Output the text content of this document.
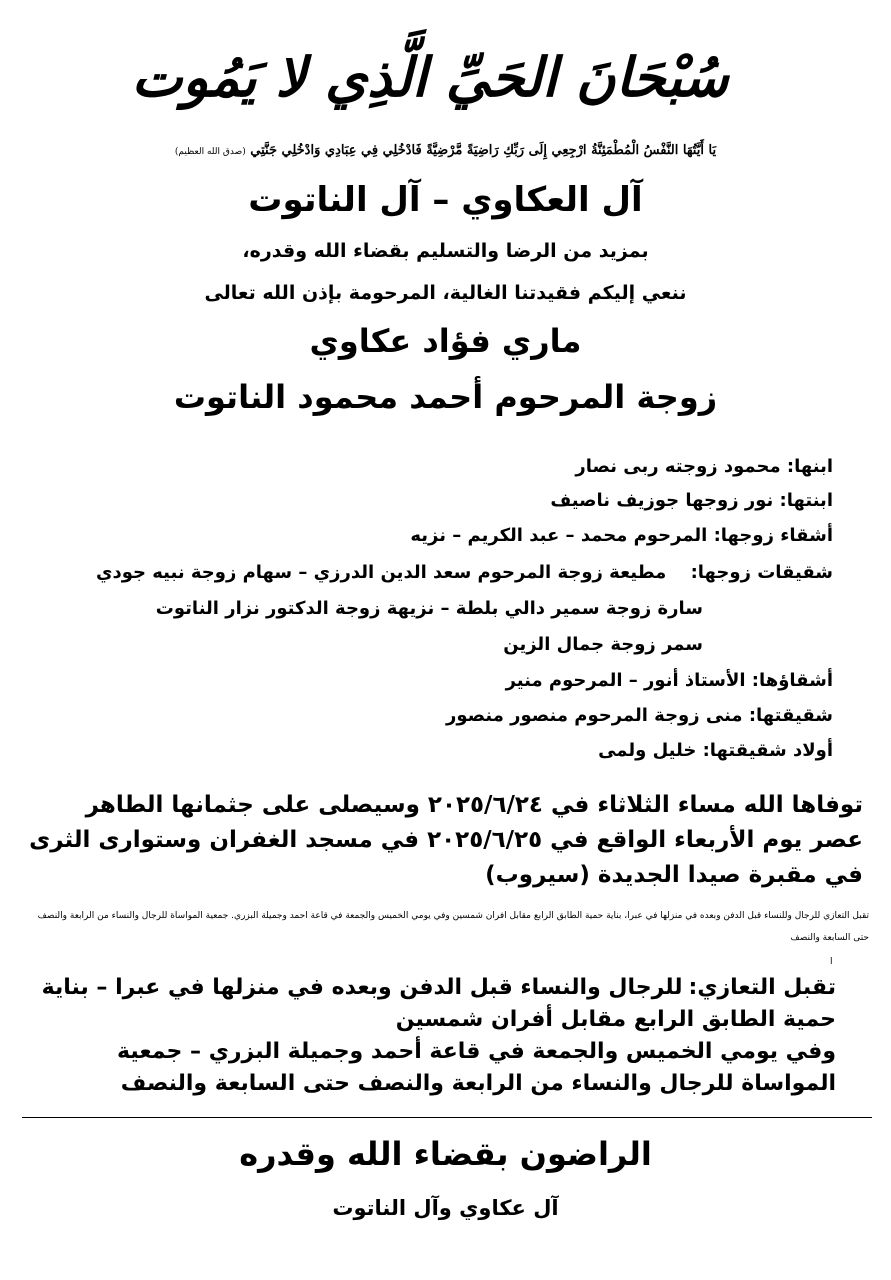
سُبْحَانَ الحَيِّ الَّذِي لا يَمُوت
يَا أَيَّتُهَا النَّفْسُ الْمُطْمَئِنَّةُ ارْجِعِي إِلَى رَبِّكِ رَاضِيَةً مَّرْضِيَّةً فَادْخُلِي فِي عِبَادِي وَادْخُلِي جَنَّتِي (صدق الله العظيم)
آل العكاوي – آل الناتوت
بمزيد من الرضا والتسليم بقضاء الله وقدره،
ننعي إليكم فقيدتنا الغالية، المرحومة بإذن الله تعالى
ماري فؤاد عكاوي
زوجة المرحوم أحمد محمود الناتوت
ابنها: محمود زوجته ربى نصار
ابنتها: نور زوجها جوزيف ناصيف
أشقاء زوجها: المرحوم محمد – عبد الكريم – نزيه
شقيقات زوجها: مطيعة زوجة المرحوم سعد الدين الدرزي – سهام زوجة نبيه جودي
سارة زوجة سمير دالي بلطة – نزيهة زوجة الدكتور نزار الناتوت
سمر زوجة جمال الزين
أشقاؤها: الأستاذ أنور – المرحوم منير
شقيقتها: منى زوجة المرحوم منصور منصور
أولاد شقيقتها: خليل ولمى
توفاها الله مساء الثلاثاء في ٢٠٢٥/٦/٢٤ وسيصلى على جثمانها الطاهر عصر يوم الأربعاء الواقع في ٢٠٢٥/٦/٢٥ في مسجد الغفران وستوارى الثرى في مقبرة صيدا الجديدة (سيروب)
تقبل التعازي للرجال وللنساء قبل الدفن وبعده في منزلها في عبرا، بناية حمية الطابق الرابع مقابل افران شمسين وفي يومي الخميس والجمعة في قاعة احمد وجميلة البزري. جمعية المواساة للرجال والنساء من الرابعة والنصف حتى السابعة والنصف
ا
تقبل التعازي:
للرجال والنساء قبل الدفن وبعده في منزلها في عبرا – بناية حمية الطابق الرابع مقابل أفران شمسين
وفي يومي الخميس والجمعة في قاعة أحمد وجميلة البزري – جمعية المواساة للرجال والنساء من الرابعة والنصف حتى السابعة والنصف
الراضون بقضاء الله وقدره
آل عكاوي وآل الناتوت
